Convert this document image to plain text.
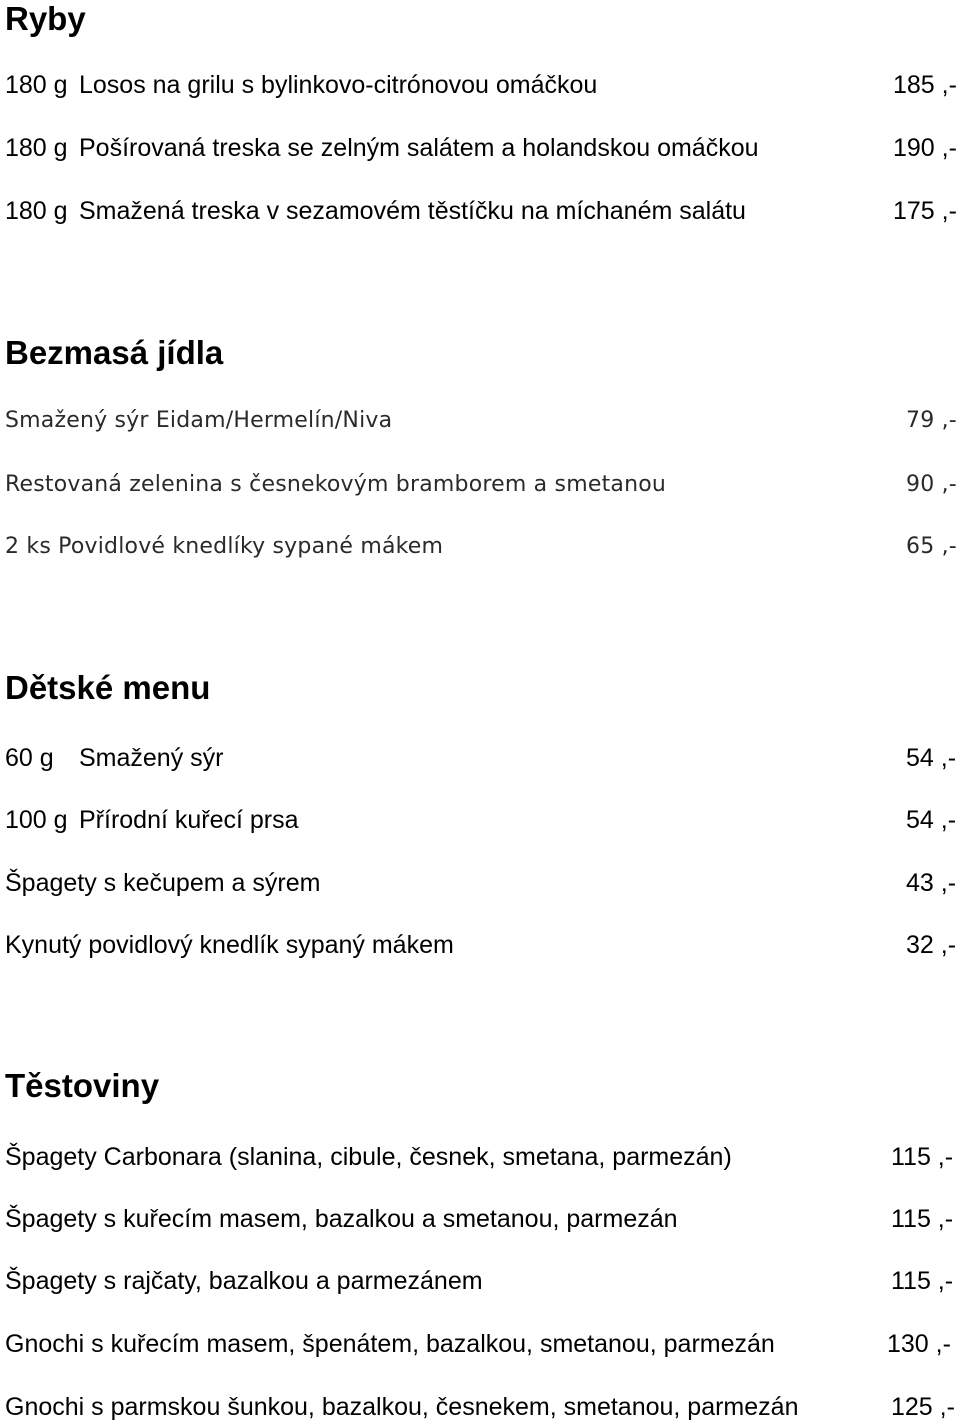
Ryby
180 g Losos na grilu s bylinkovo-citrónovou omáčkou	185 ,-
180 g Pošírovaná treska se zelným salátem a holandskou omáčkou	190 ,-
180 g Smažená treska v sezamovém těstíčku na míchaném salátu	175 ,-
Bezmasá jídla
Smažený sýr Eidam/Hermelín/Niva	79 ,-
Restovaná zelenina s česnekovým bramborem a smetanou	90 ,-
2 ks Povidlové knedlíky sypané mákem	65 ,-
Dětské menu
60 g Smažený sýr	54 ,-
100 g Přírodní kuřecí prsa	54 ,-
Špagety s kečupem a sýrem	43 ,-
Kynutý povidlový knedlík sypaný mákem	32 ,-
Těstoviny
Špagety Carbonara (slanina, cibule, česnek, smetana, parmezán)	115 ,-
Špagety s kuřecím masem, bazalkou a smetanou, parmezán	115 ,-
Špagety s rajčaty, bazalkou a parmezánem	115 ,-
Gnochi s kuřecím masem, špenátem, bazalkou, smetanou, parmezán	130 ,-
Gnochi s parmskou šunkou, bazalkou, česnekem, smetanou, parmezán	125 ,-
